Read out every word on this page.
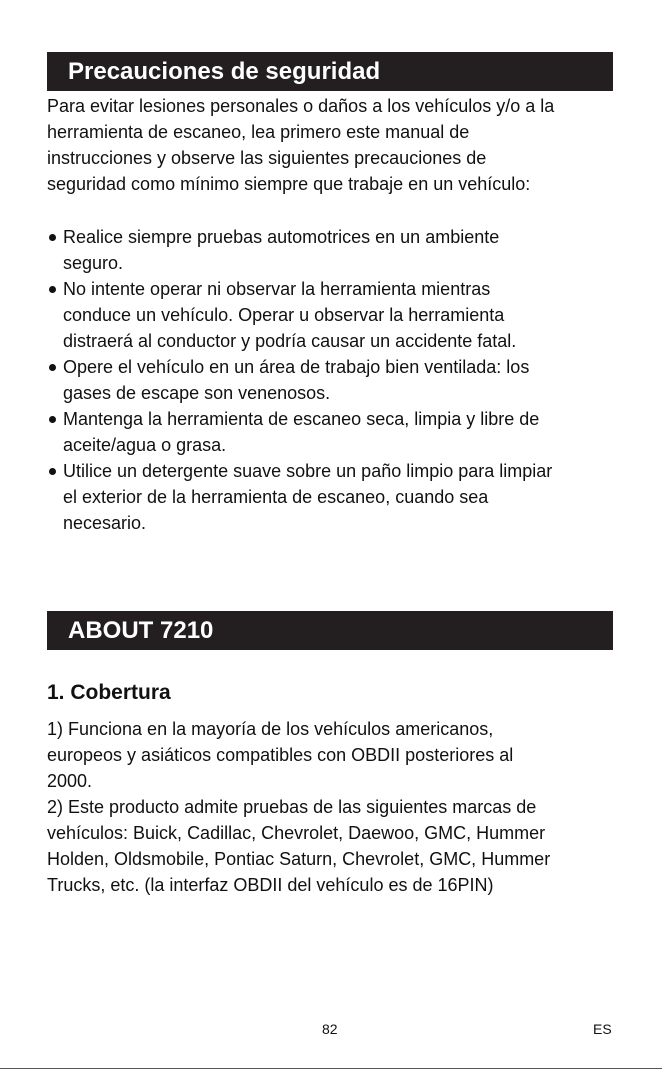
Precauciones de seguridad
Para evitar lesiones personales o daños a los vehículos y/o a la
herramienta de escaneo, lea primero este manual de
instrucciones y observe las siguientes precauciones de
seguridad como mínimo siempre que trabaje en un vehículo:
Realice siempre pruebas automotrices en un ambiente
seguro.
No intente operar ni observar la herramienta mientras
conduce un vehículo. Operar u observar la herramienta
distraerá al conductor y podría causar un accidente fatal.
Opere el vehículo en un área de trabajo bien ventilada: los
gases de escape son venenosos.
Mantenga la herramienta de escaneo seca, limpia y libre de
aceite/agua o grasa.
Utilice un detergente suave sobre un paño limpio para limpiar
el exterior de la herramienta de escaneo, cuando sea
necesario.
ABOUT 7210
1. Cobertura
1) Funciona en la mayoría de los vehículos americanos,
europeos y asiáticos compatibles con OBDII posteriores al
2000.
2) Este producto admite pruebas de las siguientes marcas de
vehículos: Buick, Cadillac, Chevrolet, Daewoo, GMC, Hummer
Holden, Oldsmobile, Pontiac Saturn, Chevrolet, GMC, Hummer
Trucks, etc. (la interfaz OBDII del vehículo es de 16PIN)
82	ES
